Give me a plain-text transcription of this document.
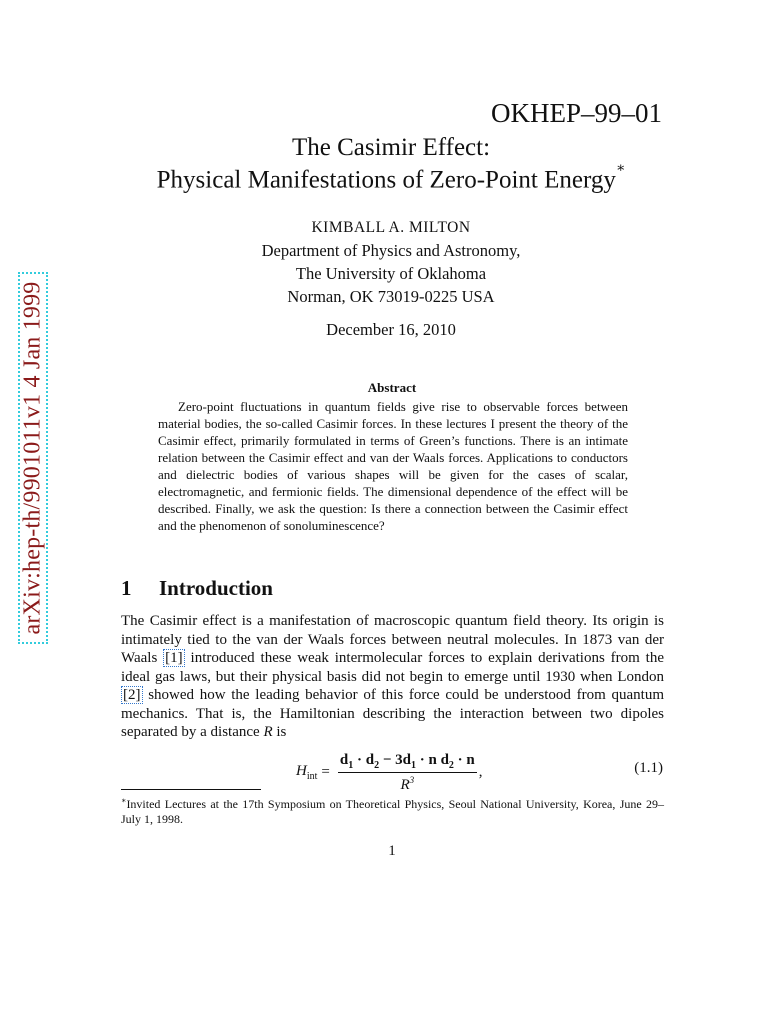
OKHEP–99–01
The Casimir Effect:
Physical Manifestations of Zero-Point Energy∗
KIMBALL A. MILTON
Department of Physics and Astronomy,
The University of Oklahoma
Norman, OK 73019-0225 USA
December 16, 2010
arXiv:hep-th/9901011v1 4 Jan 1999	Abstract
Zero-point fluctuations in quantum fields give rise to observable forces between material bodies, the so-called Casimir forces. In these lectures I present the theory of the Casimir effect, primarily formulated in terms of Green’s functions. There is an intimate relation between the Casimir effect and van der Waals forces. Applications to conductors and dielectric bodies of various shapes will be given for the cases of scalar, electromagnetic, and fermionic fields. The dimensional dependence of the effect will be described. Finally, we ask the question: Is there a connection between the Casimir effect and the phenomenon of sonoluminescence?
1 Introduction
The Casimir effect is a manifestation of macroscopic quantum field theory. Its origin is intimately tied to the van der Waals forces between neutral molecules. In 1873 van der Waals [1] introduced these weak intermolecular forces to explain derivations from the ideal gas laws, but their physical basis did not begin to emerge until 1930 when London [2] showed how the leading behavior of this force could be understood from quantum mechanics. That is, the Hamiltonian describing the interaction between two dipoles separated by a distance R is
$H_{int} = \frac{d_1 \cdot d_2 - 3d_1 \cdot n d_2 \cdot n}{R^3}$ ,	(1.1)
∗Invited Lectures at the 17th Symposium on Theoretical Physics, Seoul National University, Korea, June 29–July 1, 1998.
1
